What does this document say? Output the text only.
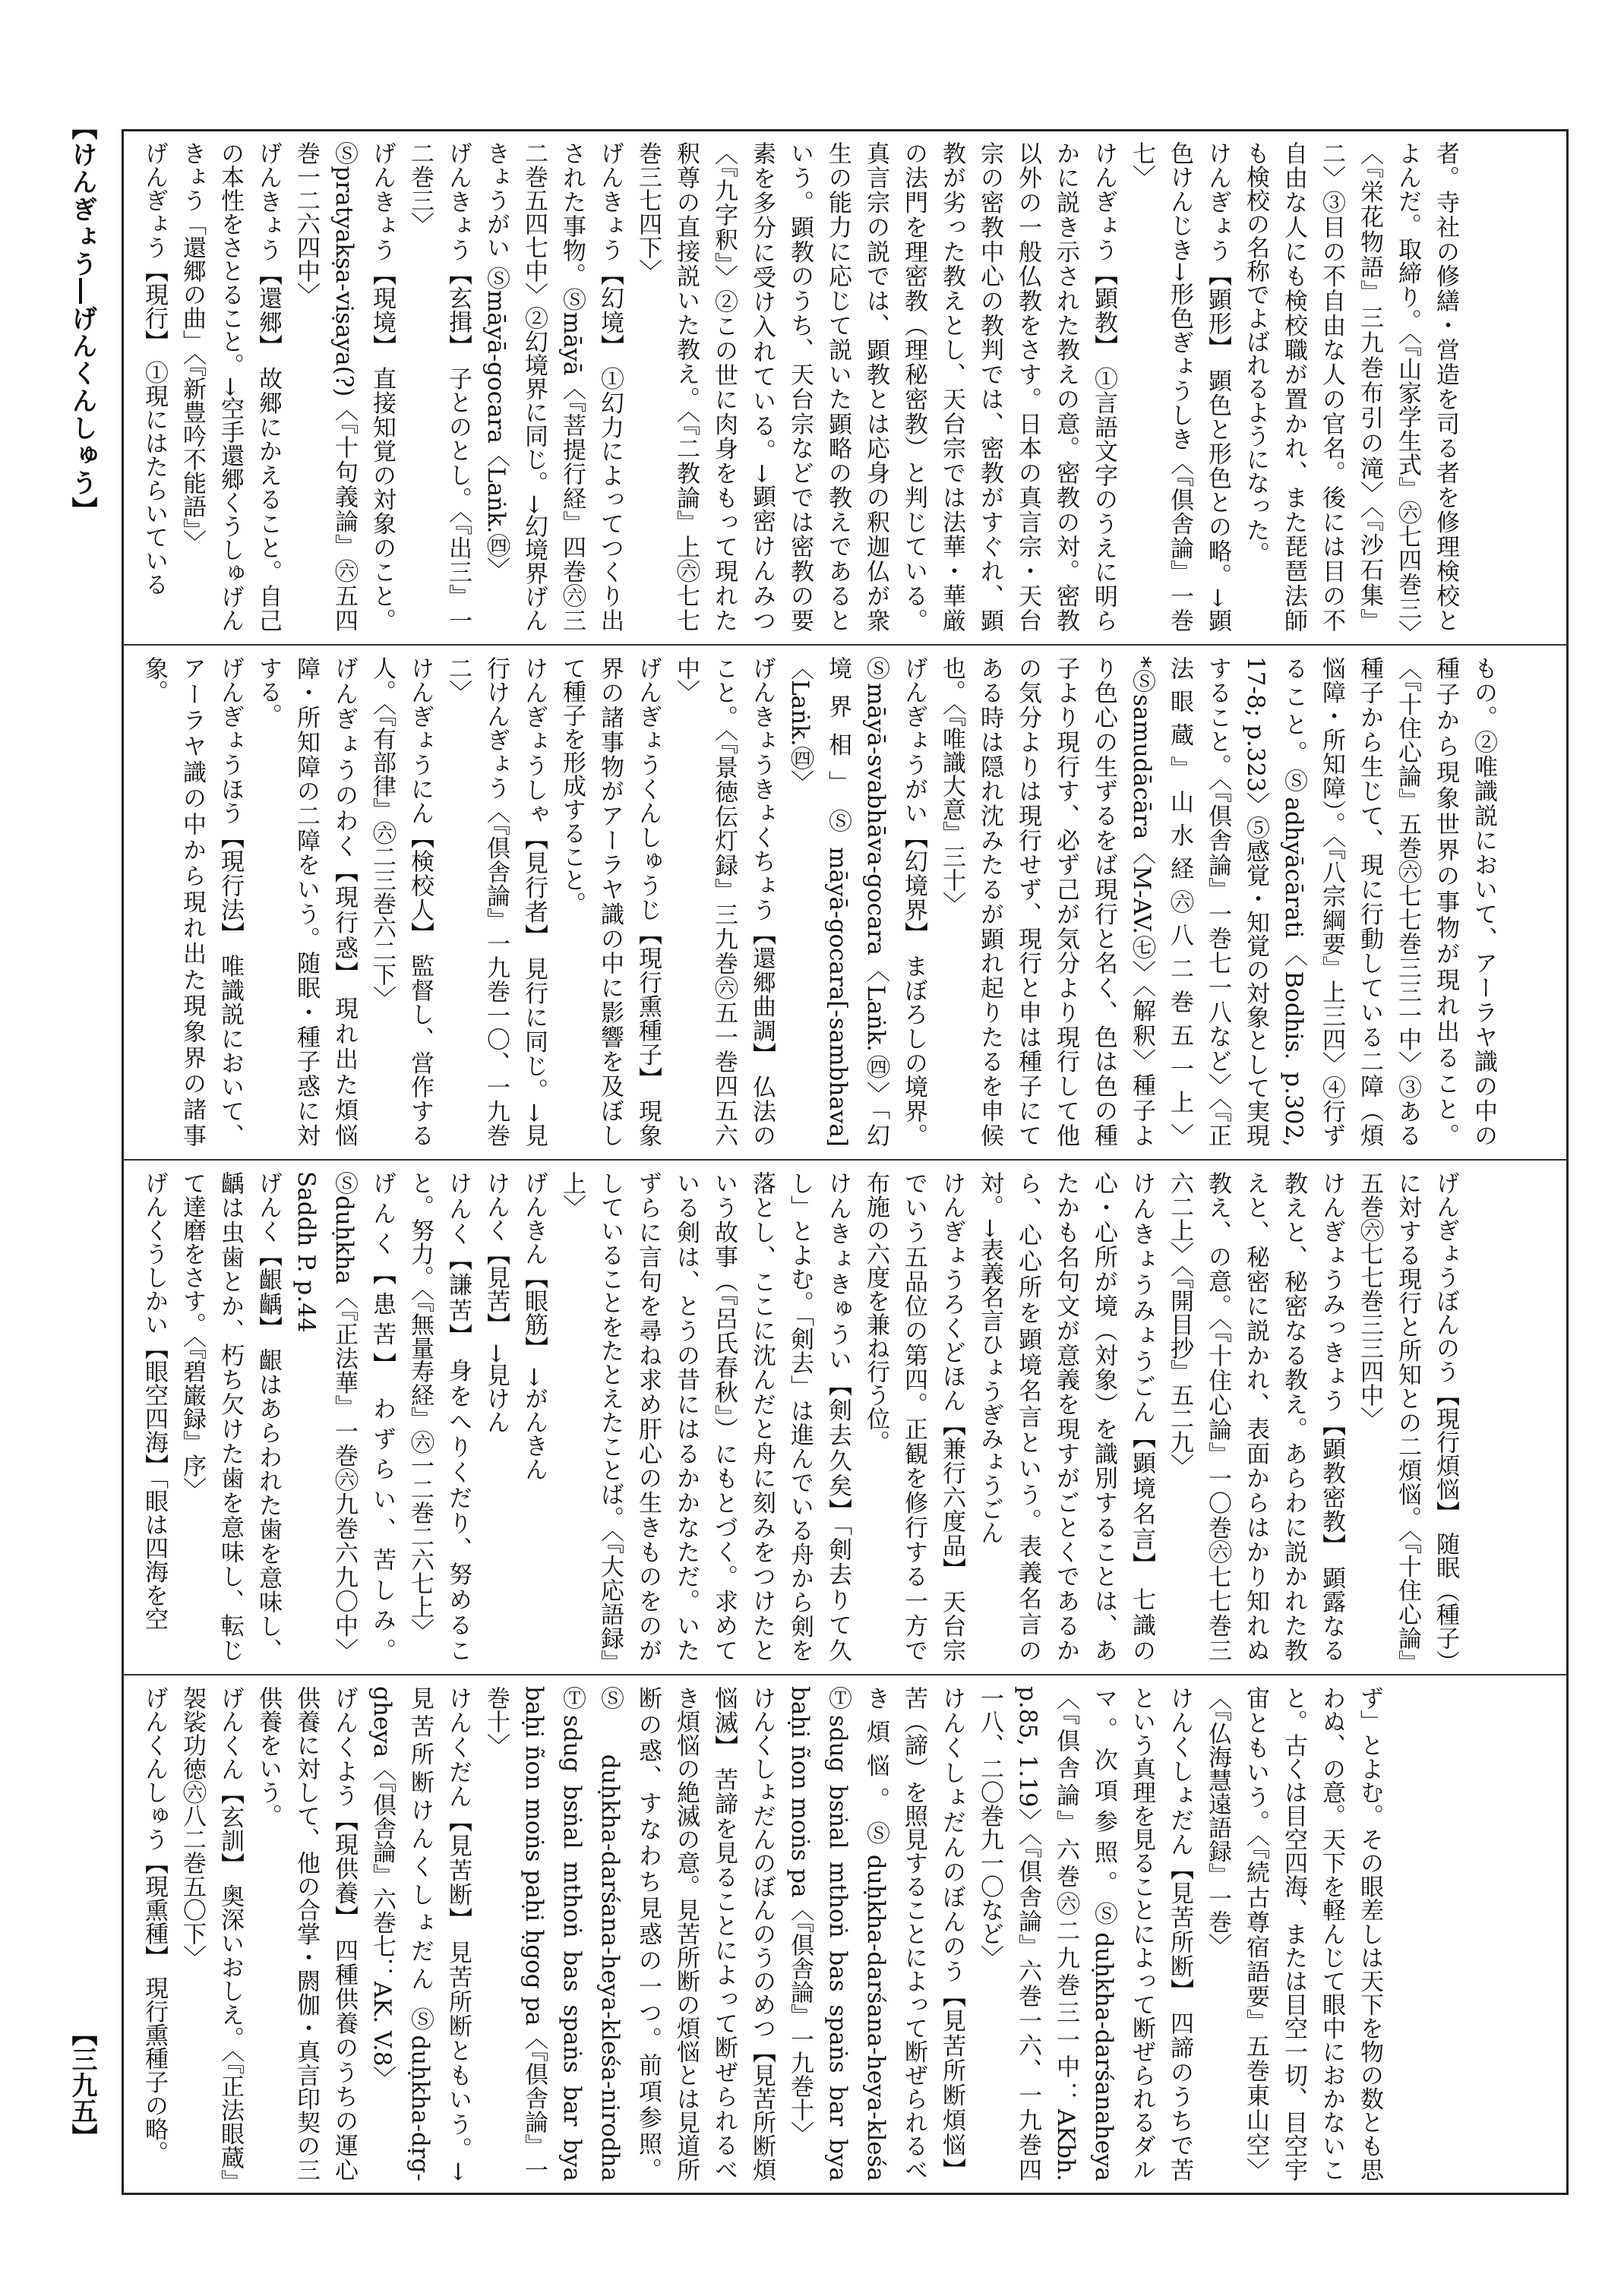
【けんぎょう―げんくんしゅう】
【三九五】

者。寺社の修繕・営造を司る者を修理検校とよんだ。取締り。〈『山家学生式』㊅七四巻三〉〈『栄花物語』三九巻布引の滝〉〈『沙石集』二〉③目の不自由な人の官名。後には目の不自由な人にも検校職が置かれ、また琵琶法師も検校の名称でよばれるようになった。

けんぎょう【顕形】 顕色と形色との略。→顕色けんじき→形色ぎょうしき〈『倶舎論』一巻七〉

けんぎょう【顕教】 ①言語文字のうえに明らかに説き示された教えの意。密教の対。密教以外の一般仏教をさす。日本の真言宗・天台宗の密教中心の教判では、密教がすぐれ、顕教が劣った教えとし、天台宗では法華・華厳の法門を理密教（理秘密教）と判じている。真言宗の説では、顕教とは応身の釈迦仏が衆生の能力に応じて説いた顕略の教えであるという。顕教のうち、天台宗などでは密教の要素を多分に受け入れている。→顕密けんみつ〈『九字釈』〉②この世に肉身をもって現れた釈尊の直接説いた教え。〈『二教論』上㊅七七巻三七四下〉

げんきょう【幻境】 ①幻力によってつくり出された事物。Ⓢmāyā〈『菩提行経』四巻㊅三二巻五四七中〉②幻境界に同じ。→幻境界げんきょうがい Ⓢmāyā-gocara〈Laṅk.㊃〉

げんきょう【玄揖】 子とのとし。〈『出三』一二巻三〉

げんきょう【現境】 直接知覚の対象のこと。Ⓢpratyakṣa-viṣaya(?)〈『十句義論』㊅五四巻一二六四中〉

げんきょう【還郷】 故郷にかえること。自己の本性をさとること。→空手還郷くうしゅげんきょう「還郷の曲」〈『新豊吟不能語』〉

げんぎょう【現行】 ①現にはたらいている

もの。②唯識説において、アーラヤ識の中の種子から現象世界の事物が現れ出ること。〈『十住心論』五巻㊅七七巻三三一中〉③ある種子から生じて、現に行動している二障（煩悩障・所知障）。〈『八宗綱要』上三四〉④行ずること。Ⓢadhyācārati〈Bodhis. p.302, 17-8; p.323〉⑤感覚・知覚の対象として実現すること。〈『倶舎論』一巻七一八など〉〈『正法眼蔵』山水経㊅八二巻五一上〉*Ⓢsamudācāra〈M-AV.㊆〉〈解釈〉種子より色心の生ずるをば現行と名く、色は色の種子より現行す、必ず己が気分より現行して他の気分よりは現行せず、現行と申は種子にてある時は隠れ沈みたるが顕れ起りたるを申候也。〈『唯識大意』三十〉

げんぎょうがい【幻境界】 まぼろしの境界。Ⓢmāyā-svabhāva-gocara〈Laṅk.㊃〉「幻境界相」Ⓢmāyā-gocara[-sambhava]〈Laṅk.㊃〉

げんきょうきょくちょう【還郷曲調】 仏法のこと。〈『景徳伝灯録』三九巻㊅五一巻四五六中〉

げんぎょうくんしゅうじ【現行熏種子】 現象界の諸事物がアーラヤ識の中に影響を及ぼして種子を形成すること。

けんぎょうしゃ【見行者】 見行に同じ。→見行けんぎょう〈『倶舎論』一九巻一〇、一九巻二〉

けんぎょうにん【検校人】 監督し、営作する人。〈『有部律』㊅二三巻六二下〉

げんぎょうのわく【現行惑】 現れ出た煩悩障・所知障の二障をいう。随眠・種子惑に対する。

げんぎょうほう【現行法】 唯識説において、アーラヤ識の中から現れ出た現象界の諸事象。

げんぎょうぼんのう【現行煩悩】 随眠（種子）に対する現行と所知との二煩悩。〈『十住心論』五巻㊅七七巻三三四中〉

けんぎょうみっきょう【顕教密教】 顕露なる教えと、秘密なる教え。あらわに説かれた教えと、秘密に説かれ、表面からはかり知れぬ教え、の意。〈『十住心論』一〇巻㊅七七巻三六二上〉〈『開目抄』五二九〉

けんきょうみょうごん【顕境名言】 七識の心・心所が境（対象）を識別することは、あたかも名句文が意義を現すがごとくであるから、心心所を顕境名言という。表義名言の対。→表義名言ひょうぎみょうごん

けんぎょうろくどほん【兼行六度品】 天台宗でいう五品位の第四。正観を修行する一方で布施の六度を兼ね行う位。

けんきょきゅうい【剣去久矣】「剣去りて久し」とよむ。「剣去」は進んでいる舟から剣を落とし、ここに沈んだと舟に刻みをつけたという故事（『呂氏春秋』）にもとづく。求めている剣は、とうの昔にはるかかなただ。いたずらに言句を尋ね求め肝心の生きものをのがしていることをたとえたことば。〈『大応語録』上〉

げんきん【眼筋】 →がんきん

けんく【見苦】 →見けん

けんく【謙苦】 身をへりくだり、努めること。努力。〈『無量寿経』㊅一二巻二六七上〉

げんく【患苦】 わずらい、苦しみ。Ⓢduḥkha〈『正法華』一巻㊅九巻六九〇中〉Saddh P. p.44

げんく【齦齲】 齦はあらわれた歯を意味し、齲は虫歯とか、朽ち欠けた歯を意味し、転じて達磨をさす。〈『碧巌録』序〉

げんくうしかい【眼空四海】「眼は四海を空

ず」とよむ。その眼差しは天下を物の数とも思わぬ、の意。天下を軽んじて眼中におかないこと。古くは目空四海、または目空一切、目空宇宙ともいう。〈『続古尊宿語要』五巻東山空〉〈『仏海慧遠語録』一巻〉

けんくしょだん【見苦所断】 四諦のうちで苦という真理を見ることによって断ぜられるダルマ。次項参照。Ⓢduḥkha-darśanaheya〈『倶舎論』六巻㊅二九巻三一中：AKbh. p.85, 1.19〉〈『倶舎論』六巻一六、一九巻四一八、二〇巻九一〇など〉

けんくしょだんのぼんのう【見苦所断煩悩】 苦（諦）を照見することによって断ぜられるべき煩悩。Ⓢduḥkha-darśana-heya-kleśa Ⓣsdug bsṅal mthoṅ bas spaṅs bar bya baḥi ñon moṅs pa〈『倶舎論』一九巻十〉

けんくしょだんのぼんのうのめつ【見苦所断煩悩滅】 苦諦を見ることによって断ぜられるべき煩悩の絶滅の意。見苦所断の煩悩とは見道所断の惑、すなわち見惑の一つ。前項参照。Ⓢduḥkha-darśana-heya-kleśa-nirodha Ⓣsdug bsṅal mthoṅ bas spaṅs bar bya baḥi ñon moṅs paḥi ḥgog pa〈『倶舎論』一巻十〉

けんくだん【見苦断】 見苦所断ともいう。→見苦所断けんくしょだん Ⓢduḥkha-dṛg-gheya〈『倶舎論』六巻七：AK. V.8〉

げんくよう【現供養】 四種供養のうちの運心供養に対して、他の合掌・閼伽・真言印契の三供養をいう。

げんくん【玄訓】 奥深いおしえ。〈『正法眼蔵』袈裟功徳㊅八二巻五〇下〉

げんくんしゅう【現熏種】 現行熏種子の略。
